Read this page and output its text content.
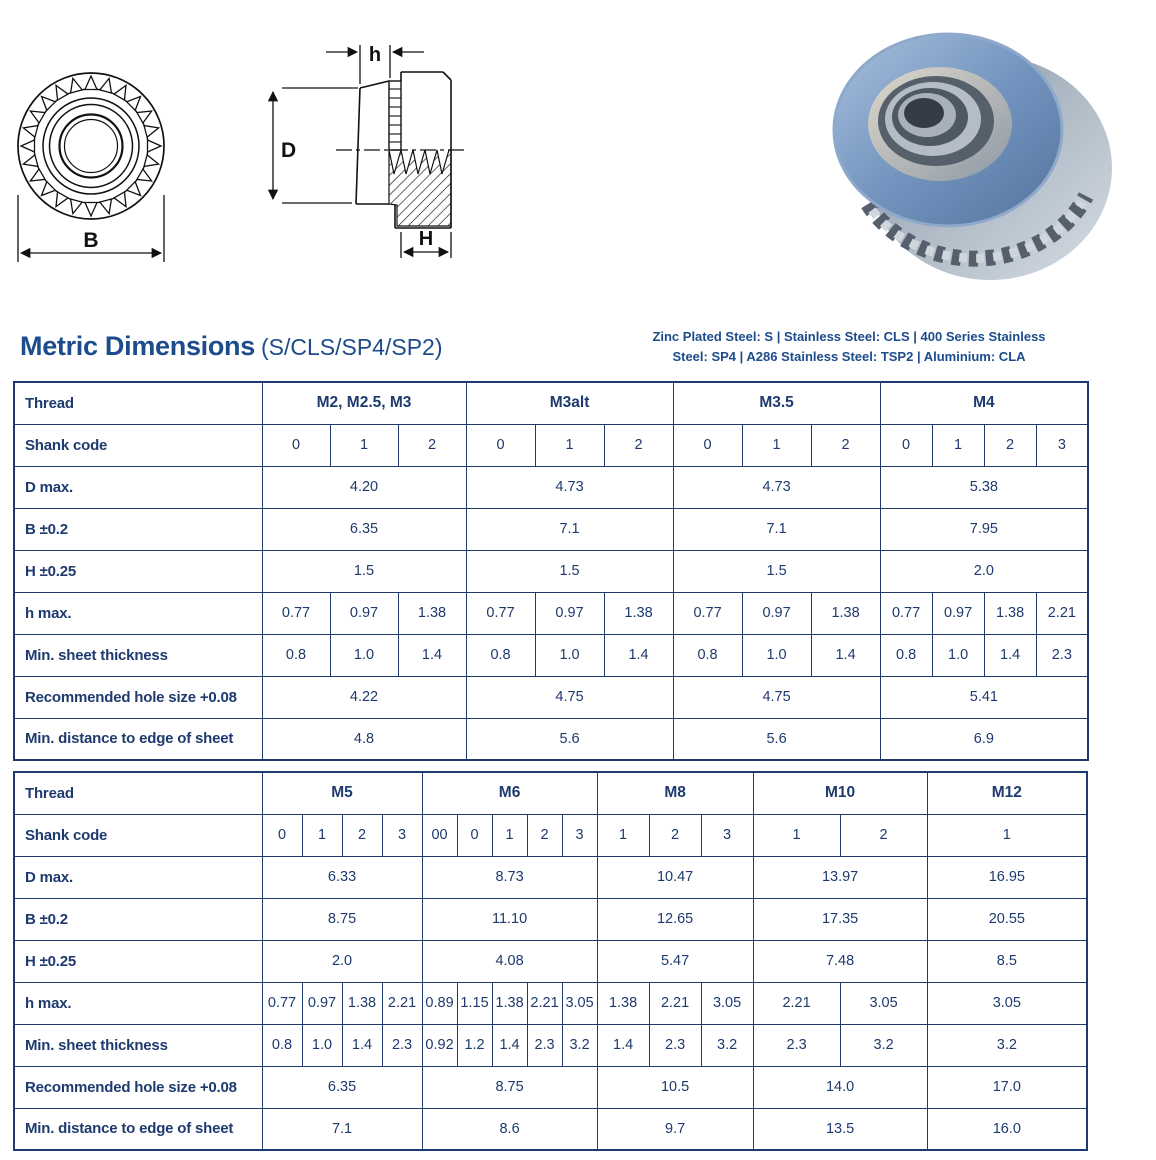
B
h
D
H
Metric Dimensions (S/CLS/SP4/SP2)	Zinc Plated Steel: S | Stainless Steel: CLS | 400 Series Stainless
Steel: SP4 | A286 Stainless Steel: TSP2 | Aluminium: CLA
Thread	M2, M2.5, M3			M3alt			M3.5			M4			
Shank code	0	1	2	0	1	2	0	1	2	0	1	2	3
D max.	4.20			4.73			4.73			5.38			
B ±0.2	6.35			7.1			7.1			7.95			
H ±0.25	1.5			1.5			1.5			2.0			
h max.	0.77	0.97	1.38	0.77	0.97	1.38	0.77	0.97	1.38	0.77	0.97	1.38	2.21
Min. sheet thickness	0.8	1.0	1.4	0.8	1.0	1.4	0.8	1.0	1.4	0.8	1.0	1.4	2.3
Recommended hole size +0.08	4.22			4.75			4.75			5.41			
Min. distance to edge of sheet	4.8			5.6			5.6			6.9			
Thread	M5				M6					M8			M10		M12
Shank code	0	1	2	3	00	0	1	2	3	1	2	3	1	2	1
D max.	6.33				8.73					10.47			13.97		16.95
B ±0.2	8.75				11.10					12.65			17.35		20.55
H ±0.25	2.0				4.08					5.47			7.48		8.5
h max.	0.77	0.97	1.38	2.21	0.89	1.15	1.38	2.21	3.05	1.38	2.21	3.05	2.21	3.05	3.05
Min. sheet thickness	0.8	1.0	1.4	2.3	0.92	1.2	1.4	2.3	3.2	1.4	2.3	3.2	2.3	3.2	3.2
Recommended hole size +0.08	6.35				8.75					10.5			14.0		17.0
Min. distance to edge of sheet	7.1				8.6					9.7			13.5		16.0
